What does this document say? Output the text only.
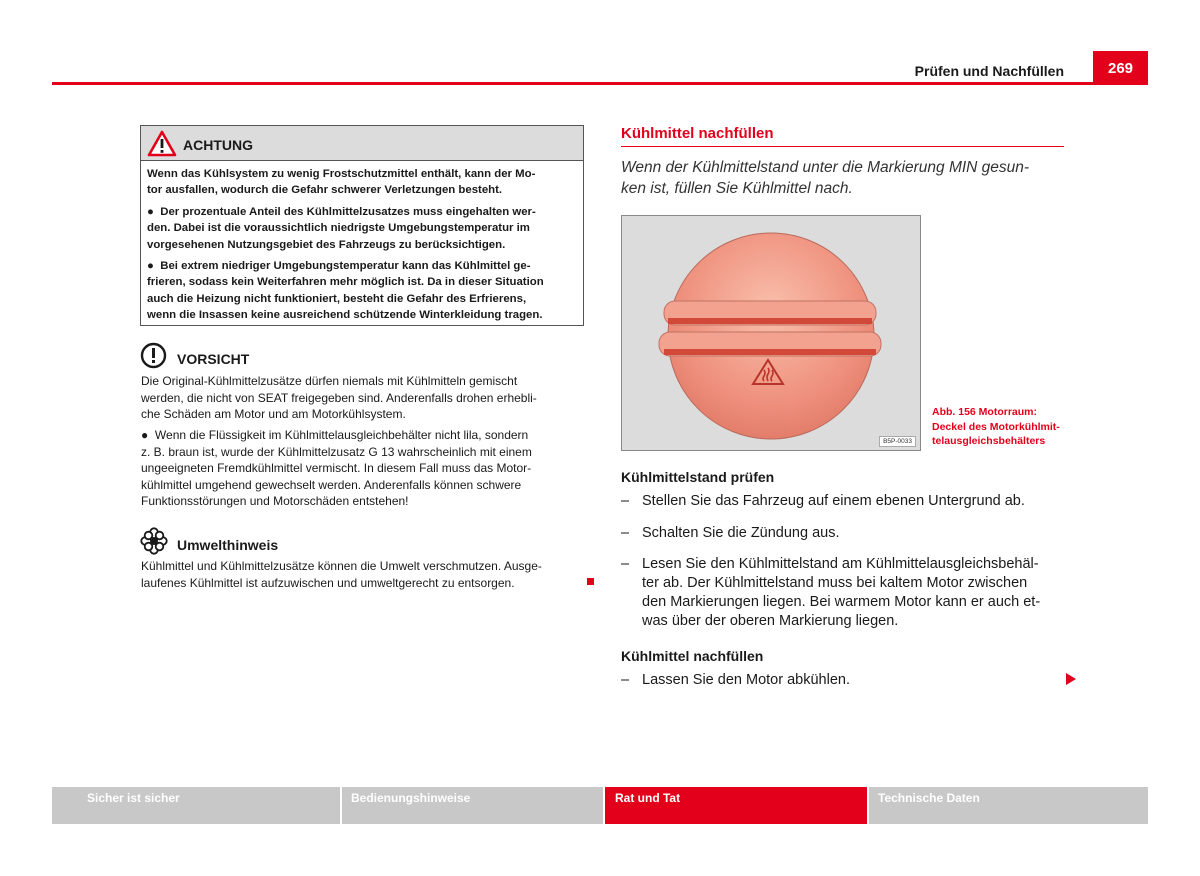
Prüfen und Nachfüllen	269
ACHTUNG
Wenn das Kühlsystem zu wenig Frostschutzmittel enthält, kann der Mo-
tor ausfallen, wodurch die Gefahr schwerer Verletzungen besteht.
●  Der prozentuale Anteil des Kühlmittelzusatzes muss eingehalten wer-
den. Dabei ist die voraussichtlich niedrigste Umgebungstemperatur im
vorgesehenen Nutzungsgebiet des Fahrzeugs zu berücksichtigen.
●  Bei extrem niedriger Umgebungstemperatur kann das Kühlmittel ge-
frieren, sodass kein Weiterfahren mehr möglich ist. Da in dieser Situation
auch die Heizung nicht funktioniert, besteht die Gefahr des Erfrierens,
wenn die Insassen keine ausreichend schützende Winterkleidung tragen.
VORSICHT
Die Original-Kühlmittelzusätze dürfen niemals mit Kühlmitteln gemischt
werden, die nicht von SEAT freigegeben sind. Anderenfalls drohen erhebli-
che Schäden am Motor und am Motorkühlsystem.
●  Wenn die Flüssigkeit im Kühlmittelausgleichbehälter nicht lila, sondern
z. B. braun ist, wurde der Kühlmittelzusatz G 13 wahrscheinlich mit einem
ungeeigneten Fremdkühlmittel vermischt. In diesem Fall muss das Motor-
kühlmittel umgehend gewechselt werden. Anderenfalls können schwere
Funktionsstörungen und Motorschäden entstehen!
Umwelthinweis
Kühlmittel und Kühlmittelzusätze können die Umwelt verschmutzen. Ausge-
laufenes Kühlmittel ist aufzuwischen und umweltgerecht zu entsorgen.
Kühlmittel nachfüllen
Wenn der Kühlmittelstand unter die Markierung MIN gesun-
ken ist, füllen Sie Kühlmittel nach.
B5P-0033
Abb. 156 Motorraum:
Deckel des Motorkühlmit-
telausgleichsbehälters
Kühlmittelstand prüfen
– Stellen Sie das Fahrzeug auf einem ebenen Untergrund ab.
– Schalten Sie die Zündung aus.
– Lesen Sie den Kühlmittelstand am Kühlmittelausgleichsbehäl-
ter ab. Der Kühlmittelstand muss bei kaltem Motor zwischen
den Markierungen liegen. Bei warmem Motor kann er auch et-
was über der oberen Markierung liegen.
Kühlmittel nachfüllen
– Lassen Sie den Motor abkühlen.
Sicher ist sicher	Bedienungshinweise	Rat und Tat	Technische Daten
